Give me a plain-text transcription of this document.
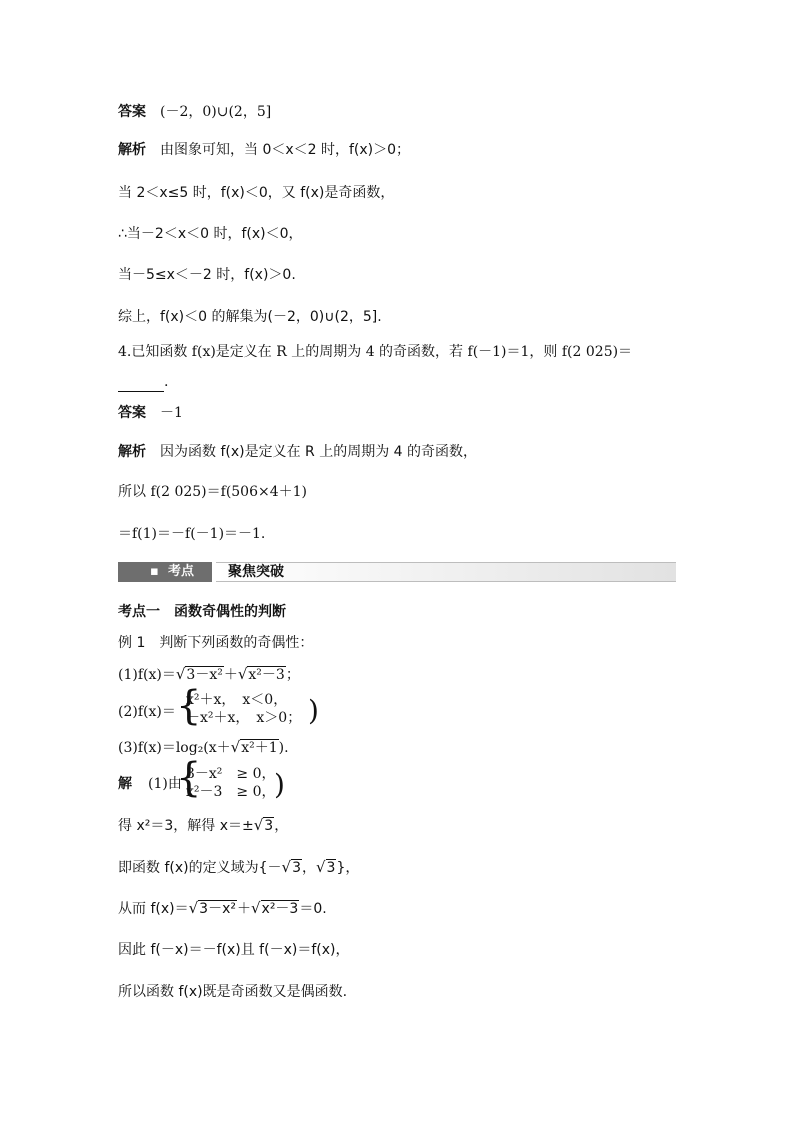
答案 (－2，0)∪(2，5]
解析 由图象可知，当 0＜x＜2 时，f(x)＞0；
当 2＜x≤5 时，f(x)＜0，又 f(x)是奇函数，
∴当－2＜x＜0 时，f(x)＜0，
当－5≤x＜－2 时，f(x)＞0.
综上，f(x)＜0 的解集为(－2，0)∪(2，5].
4.已知函数 f(x)是定义在 R 上的周期为 4 的奇函数，若 f(－1)＝1，则 f(2 025)＝
.
答案 －1
解析 因为函数 f(x)是定义在 R 上的周期为 4 的奇函数，
所以 f(2 025)＝f(506×4＋1)
＝f(1)＝－f(－1)＝－1.
▪ 考点 聚焦突破
考点一　函数奇偶性的判断
例 1　判断下列函数的奇偶性：
(1)f(x)＝√3－x²＋√x²－3；
(2)f(x)＝ {
x²＋x，　x＜0，
－x²＋x，　x＞0； )
(3)f(x)＝log₂(x＋√x²＋1).
解 (1)由
{
3－x²　≥ 0，
x²－3　≥ 0，
)
得 x²＝3，解得 x＝±√3，
即函数 f(x)的定义域为{－√3，√3}，
从而 f(x)＝√3－x²＋√x²－3＝0.
因此 f(－x)＝－f(x)且 f(－x)＝f(x)，
所以函数 f(x)既是奇函数又是偶函数.
